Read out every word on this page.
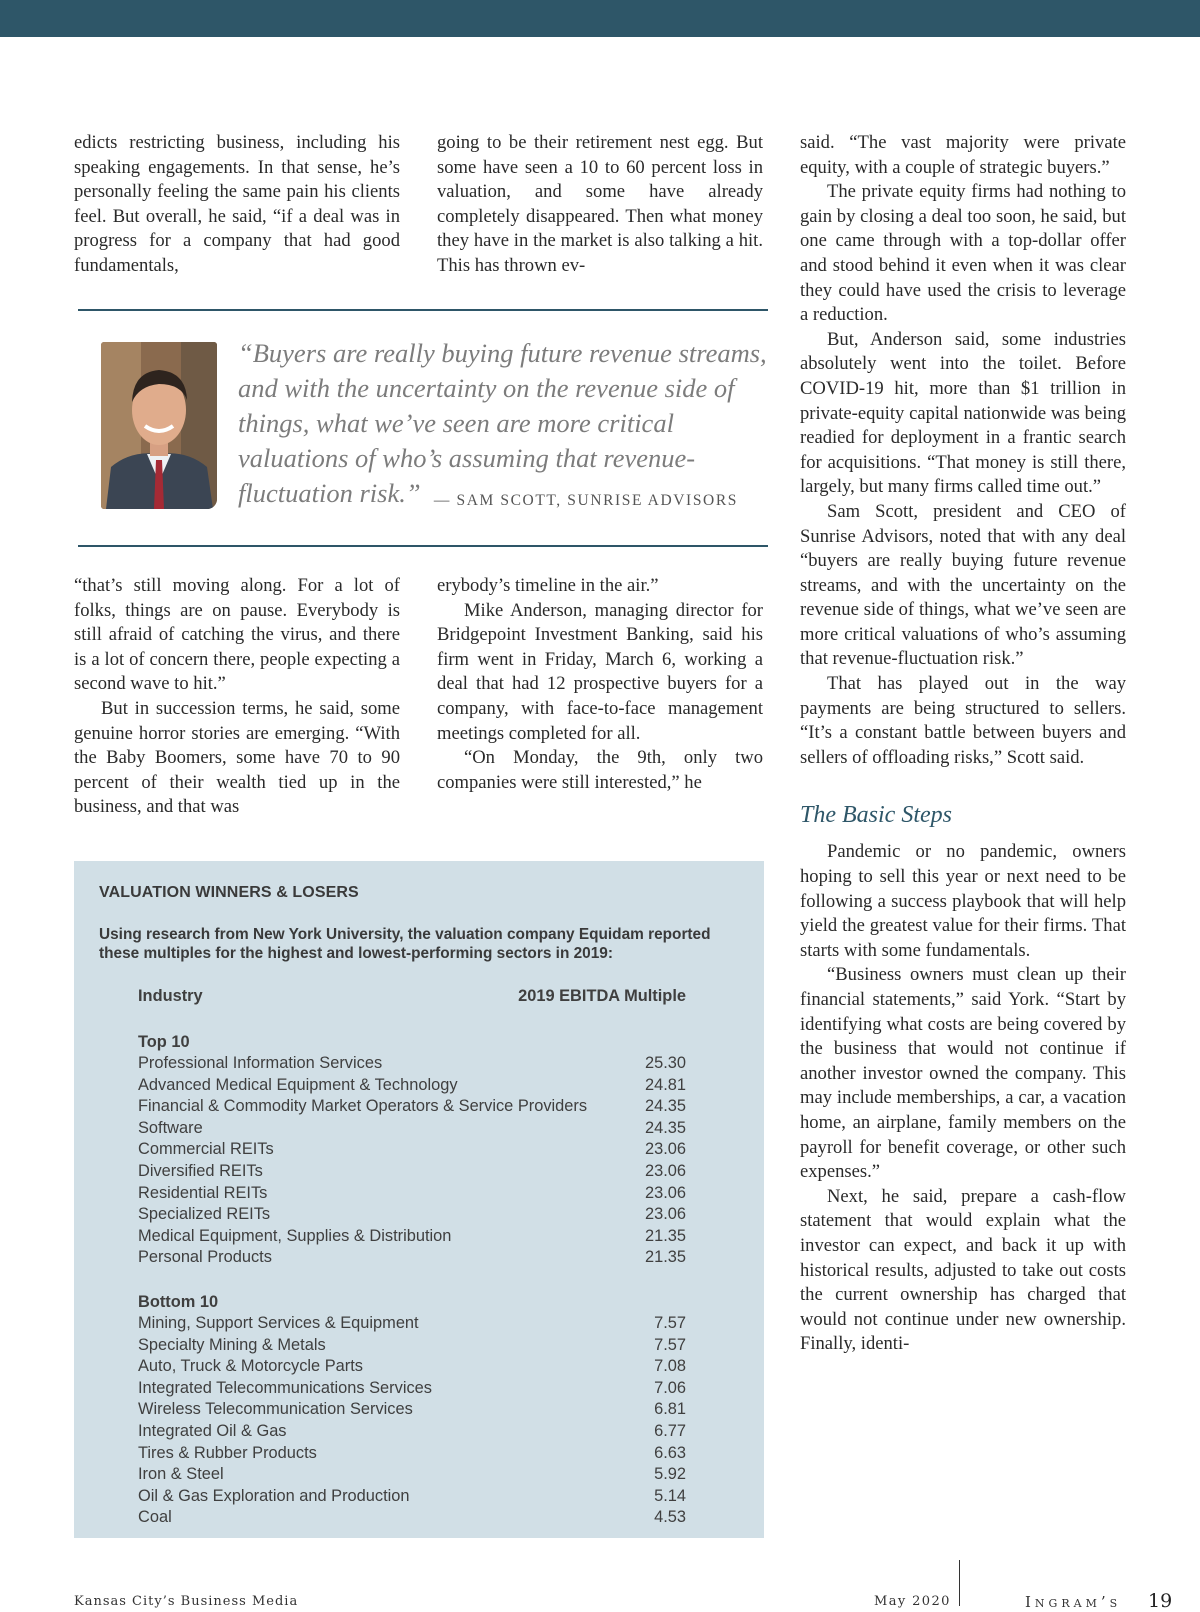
edicts restricting business, including his speaking engagements. In that sense, he’s personally feeling the same pain his clients feel. But overall, he said, “if a deal was in progress for a company that had good fundamentals,

going to be their retirement nest egg. But some have seen a 10 to 60 percent loss in valuation, and some have already completely disappeared. Then what money they have in the market is also talking a hit. This has thrown ev-

“Buyers are really buying future revenue streams, and with the uncertainty on the revenue side of things, what we’ve seen are more critical valuations of who’s assuming that revenue-fluctuation risk.” — SAM SCOTT, SUNRISE ADVISORS

“that’s still moving along. For a lot of folks, things are on pause. Everybody is still afraid of catching the virus, and there is a lot of concern there, people expecting a second wave to hit.”

But in succession terms, he said, some genuine horror stories are emerging. “With the Baby Boomers, some have 70 to 90 percent of their wealth tied up in the business, and that was

erybody’s timeline in the air.”

Mike Anderson, managing director for Bridgepoint Investment Banking, said his firm went in Friday, March 6, working a deal that had 12 prospective buyers for a company, with face-to-face management meetings completed for all.

“On Monday, the 9th, only two companies were still interested,” he

said. “The vast majority were private equity, with a couple of strategic buyers.”

The private equity firms had nothing to gain by closing a deal too soon, he said, but one came through with a top-dollar offer and stood behind it even when it was clear they could have used the crisis to leverage a reduction.

But, Anderson said, some industries absolutely went into the toilet. Before COVID-19 hit, more than $1 trillion in private-equity capital nationwide was being readied for deployment in a frantic search for acquisitions. “That money is still there, largely, but many firms called time out.”

Sam Scott, president and CEO of Sunrise Advisors, noted that with any deal “buyers are really buying future revenue streams, and with the uncertainty on the revenue side of things, what we’ve seen are more critical valuations of who’s assuming that revenue-fluctuation risk.”

That has played out in the way payments are being structured to sellers. “It’s a constant battle between buyers and sellers of offloading risks,” Scott said.

The Basic Steps

Pandemic or no pandemic, owners hoping to sell this year or next need to be following a success playbook that will help yield the greatest value for their firms. That starts with some fundamentals.

“Business owners must clean up their financial statements,” said York. “Start by identifying what costs are being covered by the business that would not continue if another investor owned the company. This may include memberships, a car, a vacation home, an airplane, family members on the payroll for benefit coverage, or other such expenses.”

Next, he said, prepare a cash-flow statement that would explain what the investor can expect, and back it up with historical results, adjusted to take out costs the current ownership has charged that would not continue under new ownership. Finally, identi-

VALUATION WINNERS & LOSERS
Using research from New York University, the valuation company Equidam reported these multiples for the highest and lowest-performing sectors in 2019:
Industry	2019 EBITDA Multiple
Top 10
Professional Information Services	25.30
Advanced Medical Equipment & Technology	24.81
Financial & Commodity Market Operators & Service Providers	24.35
Software	24.35
Commercial REITs	23.06
Diversified REITs	23.06
Residential REITs	23.06
Specialized REITs	23.06
Medical Equipment, Supplies & Distribution	21.35
Personal Products	21.35
Bottom 10
Mining, Support Services & Equipment	7.57
Specialty Mining & Metals	7.57
Auto, Truck & Motorcycle Parts	7.08
Integrated Telecommunications Services	7.06
Wireless Telecommunication Services	6.81
Integrated Oil & Gas	6.77
Tires & Rubber Products	6.63
Iron & Steel	5.92
Oil & Gas Exploration and Production	5.14
Coal	4.53
Kansas City’s Business Media	May 2020	Ingram’s 19
